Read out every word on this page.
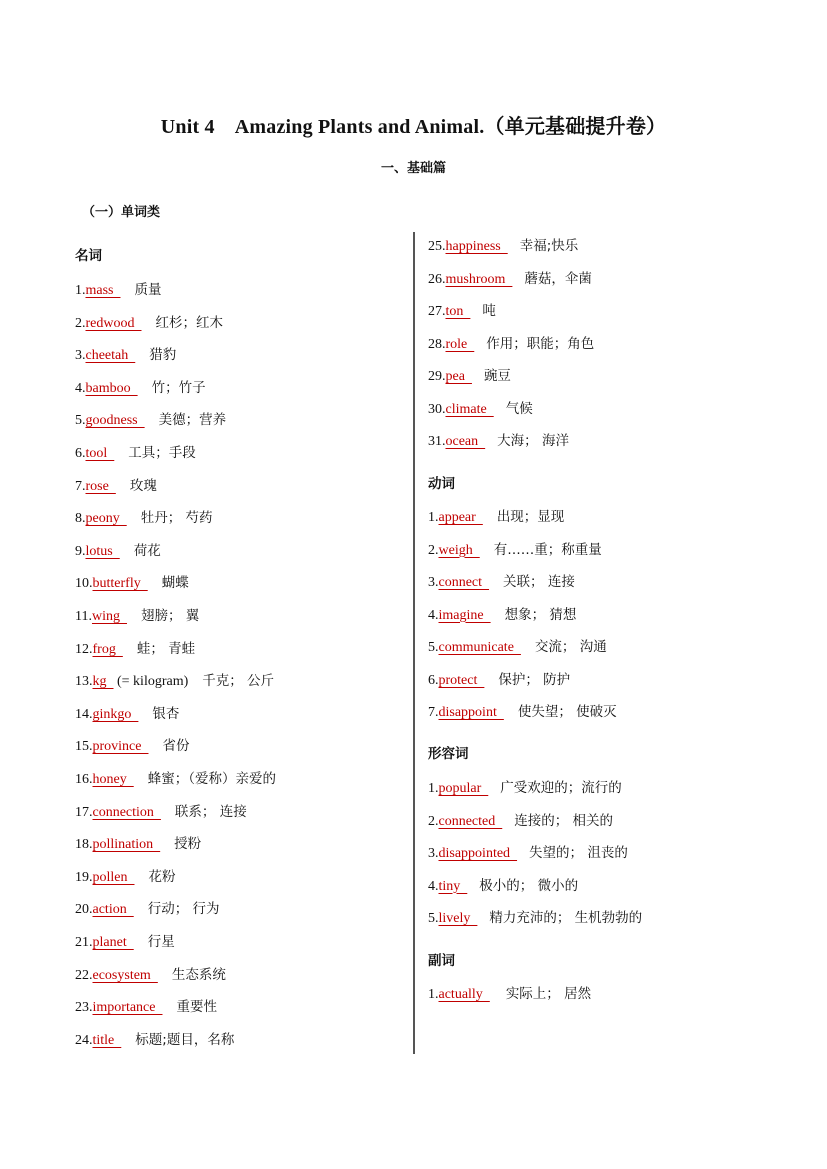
Unit 4 Amazing Plants and Animal.（单元基础提升卷）
一、基础篇
（一）单词类
名词
动词
形容词
副词
1.mass  质量
2.redwood  红杉；红木
3.cheetah  猎豹
4.bamboo  竹；竹子
5.goodness  美德；营养
6.tool  工具；手段
7.rose  玫瑰
8.peony  牡丹； 芍药
9.lotus  荷花
10.butterfly  蝴蝶
11.wing  翅膀； 翼
12.frog  蛙； 青蛙
13.kg   (= kilogram) 千克； 公斤
14.ginkgo  银杏
15.province  省份
16.honey  蜂蜜；（爱称）亲爱的
17.connection  联系； 连接
18.pollination  授粉
19.pollen  花粉
20.action  行动； 行为
21.planet  行星
22.ecosystem  生态系统
23.importance  重要性
24.title  标题;题目，名称
25.happiness  幸福;快乐
26.mushroom  蘑菇，伞菌
27.ton  吨
28.role  作用；职能；角色
29.pea  豌豆
30.climate  气候
31.ocean  大海； 海洋
1.appear  出现；显现
2.weigh  有……重；称重量
3.connect  关联； 连接
4.imagine  想象； 猜想
5.communicate  交流； 沟通
6.protect  保护； 防护
7.disappoint  使失望； 使破灭
1.popular  广受欢迎的；流行的
2.connected  连接的； 相关的
3.disappointed  失望的； 沮丧的
4.tiny  极小的； 微小的
5.lively  精力充沛的； 生机勃勃的
1.actually  实际上； 居然
